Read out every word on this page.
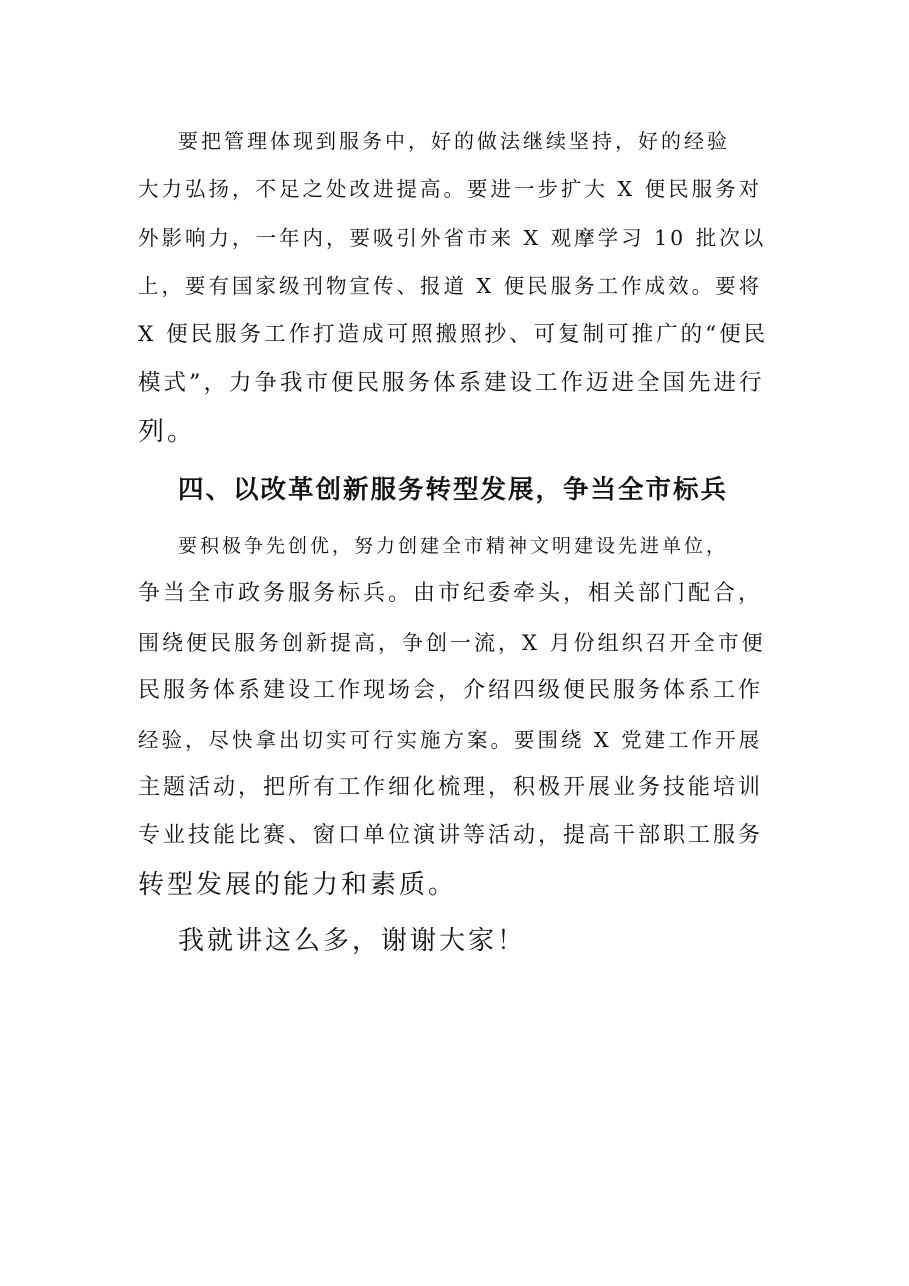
要把管理体现到服务中，好的做法继续坚持，好的经验
大力弘扬，不足之处改进提高。要进一步扩大 X 便民服务对
外影响力，一年内，要吸引外省市来 X 观摩学习 10 批次以
上，要有国家级刊物宣传、报道 X 便民服务工作成效。要将
X 便民服务工作打造成可照搬照抄、可复制可推广的“便民
模式”，力争我市便民服务体系建设工作迈进全国先进行
列。
四、以改革创新服务转型发展，争当全市标兵
要积极争先创优，努力创建全市精神文明建设先进单位，
争当全市政务服务标兵。由市纪委牵头，相关部门配合，
围绕便民服务创新提高，争创一流，X 月份组织召开全市便
民服务体系建设工作现场会，介绍四级便民服务体系工作
经验，尽快拿出切实可行实施方案。要围绕 X 党建工作开展
主题活动，把所有工作细化梳理，积极开展业务技能培训
专业技能比赛、窗口单位演讲等活动，提高干部职工服务
转型发展的能力和素质。
我就讲这么多，谢谢大家！
